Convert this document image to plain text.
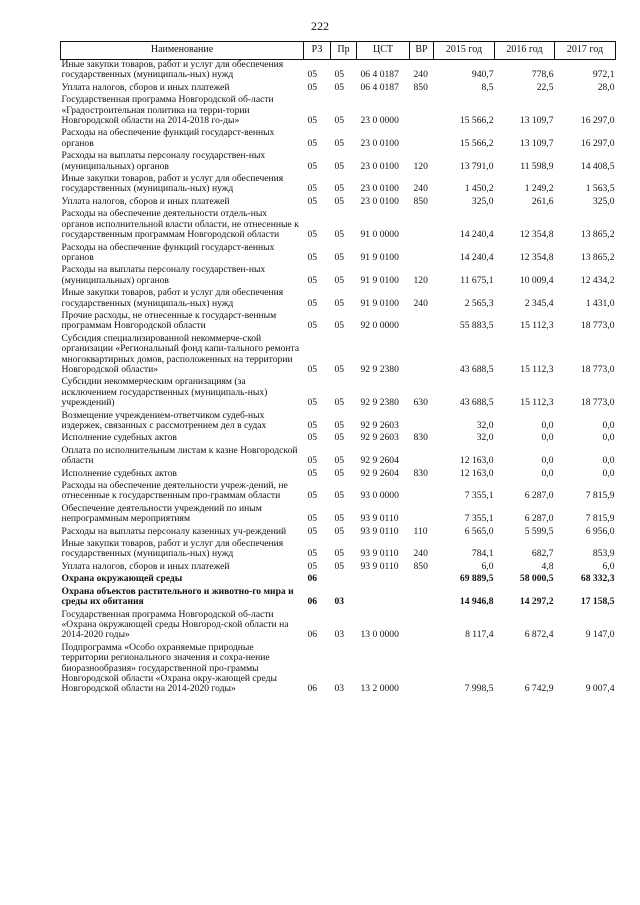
222
Наименование	РЗ	Пр	ЦСТ	ВР	2015 год	2016 год	2017 год
Иные закупки товаров, работ и услуг для обеспечения государственных (муниципаль-ных) нужд	05	05	06 4 0187	240	940,7	778,6	972,1
Уплата налогов, сборов и иных платежей	05	05	06 4 0187	850	8,5	22,5	28,0
Государственная программа Новгородской об-ласти «Градостроительная политика на терри-тории Новгородской области на 2014-2018 го-ды»	05	05	23 0 0000		15 566,2	13 109,7	16 297,0
Расходы на обеспечение функций государст-венных органов	05	05	23 0 0100		15 566,2	13 109,7	16 297,0
Расходы на выплаты персоналу государствен-ных (муниципальных) органов	05	05	23 0 0100	120	13 791,0	11 598,9	14 408,5
Иные закупки товаров, работ и услуг для обеспечения государственных (муниципаль-ных) нужд	05	05	23 0 0100	240	1 450,2	1 249,2	1 563,5
Уплата налогов, сборов и иных платежей	05	05	23 0 0100	850	325,0	261,6	325,0
Расходы на обеспечение деятельности отдель-ных органов исполнительной власти области, не отнесенные к государственным программам Новгородской области	05	05	91 0 0000		14 240,4	12 354,8	13 865,2
Расходы на обеспечение функций государст-венных органов	05	05	91 9 0100		14 240,4	12 354,8	13 865,2
Расходы на выплаты персоналу государствен-ных (муниципальных) органов	05	05	91 9 0100	120	11 675,1	10 009,4	12 434,2
Иные закупки товаров, работ и услуг для обеспечения государственных (муниципаль-ных) нужд	05	05	91 9 0100	240	2 565,3	2 345,4	1 431,0
Прочие расходы, не отнесенные к государст-венным программам Новгородской области	05	05	92 0 0000		55 883,5	15 112,3	18 773,0
Субсидия специализированной некоммерче-ской организации «Региональный фонд капи-тального ремонта многоквартирных домов, расположенных на территории Новгородской области»	05	05	92 9 2380		43 688,5	15 112,3	18 773,0
Субсидии некоммерческим организациям (за исключением государственных (муниципаль-ных) учреждений)	05	05	92 9 2380	630	43 688,5	15 112,3	18 773,0
Возмещение учреждением-ответчиком судеб-ных издержек, связанных с рассмотрением дел в судах	05	05	92 9 2603		32,0	0,0	0,0
Исполнение судебных актов	05	05	92 9 2603	830	32,0	0,0	0,0
Оплата по исполнительным листам к казне Новгородской области	05	05	92 9 2604		12 163,0	0,0	0,0
Исполнение судебных актов	05	05	92 9 2604	830	12 163,0	0,0	0,0
Расходы на обеспечение деятельности учреж-дений, не отнесенные к государственным про-граммам области	05	05	93 0 0000		7 355,1	6 287,0	7 815,9
Обеспечение деятельности учреждений по иным непрограммным мероприятиям	05	05	93 9 0110		7 355,1	6 287,0	7 815,9
Расходы на выплаты персоналу казенных уч-реждений	05	05	93 9 0110	110	6 565,0	5 599,5	6 956,0
Иные закупки товаров, работ и услуг для обеспечения государственных (муниципаль-ных) нужд	05	05	93 9 0110	240	784,1	682,7	853,9
Уплата налогов, сборов и иных платежей	05	05	93 9 0110	850	6,0	4,8	6,0
Охрана окружающей среды	06				69 889,5	58 000,5	68 332,3
Охрана объектов растительного и животно-го мира и среды их обитания	06	03			14 946,8	14 297,2	17 158,5
Государственная программа Новгородской об-ласти «Охрана окружающей среды Новгород-ской области на 2014-2020 годы»	06	03	13 0 0000		8 117,4	6 872,4	9 147,0
Подпрограмма «Особо охраняемые природные территории регионального значения и сохра-нение биоразнообразия» государственной про-граммы Новгородской области «Охрана окру-жающей среды Новгородской области на 2014-2020 годы»	06	03	13 2 0000		7 998,5	6 742,9	9 007,4
